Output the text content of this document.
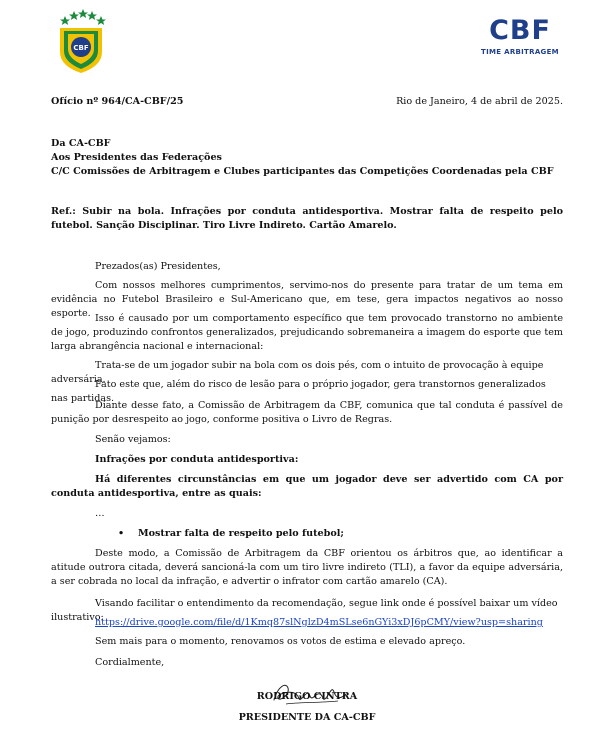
CBF
CBF
TIME ARBITRAGEM
Ofício nº 964/CA-CBF/25	Rio de Janeiro, 4 de abril de 2025.
Da CA-CBF
Aos Presidentes das Federações
C/C Comissões de Arbitragem e Clubes participantes das Competições Coordenadas pela CBF
Ref.: Subir na bola. Infrações por conduta antidesportiva. Mostrar falta de respeito pelo futebol. Sanção Disciplinar. Tiro Livre Indireto. Cartão Amarelo.
Prezados(as) Presidentes,
Com nossos melhores cumprimentos, servimo-nos do presente para tratar de um tema em evidência no Futebol Brasileiro e Sul-Americano que, em tese, gera impactos negativos ao nosso esporte. Isso é causado por um comportamento específico que tem provocado transtorno no ambiente de jogo, produzindo confrontos generalizados, prejudicando sobremaneira a imagem do esporte que tem larga abrangência nacional e internacional:
Trata-se de um jogador subir na bola com os dois pés, com o intuito de provocação à equipe adversária.
Fato este que, além do risco de lesão para o próprio jogador, gera transtornos generalizados nas partidas.
Diante desse fato, a Comissão de Arbitragem da CBF, comunica que tal conduta é passível de punição por desrespeito ao jogo, conforme positiva o Livro de Regras.
Senão vejamos:
Infrações por conduta antidesportiva:
Há diferentes circunstâncias em que um jogador deve ser advertido com CA por conduta antidesportiva, entre as quais:
…
• Mostrar falta de respeito pelo futebol;
Deste modo, a Comissão de Arbitragem da CBF orientou os árbitros que, ao identificar a atitude outrora citada, deverá sancioná-la com um tiro livre indireto (TLI), a favor da equipe adversária, a ser cobrada no local da infração, e advertir o infrator com cartão amarelo (CA).
Visando facilitar o entendimento da recomendação, segue link onde é possível baixar um vídeo ilustrativo:
https://drive.google.com/file/d/1Kmq87slNglzD4mSLse6nGYi3xDJ6pCMY/view?usp=sharing
Sem mais para o momento, renovamos os votos de estima e elevado apreço.
Cordialmente,
RODRIGO CINTRA
PRESIDENTE DA CA-CBF
